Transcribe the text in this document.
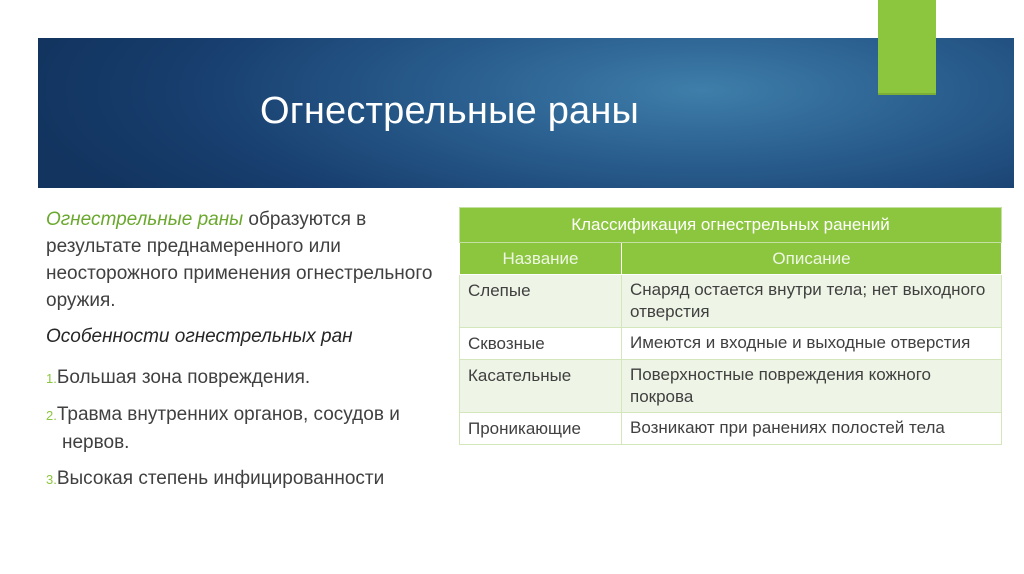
Огнестрельные раны

Огнестрельные раны образуются в результате преднамеренного или неосторожного применения огнестрельного оружия.

Особенности огнестрельных ран
1.Большая зона повреждения.
2.Травма внутренних органов, сосудов и нервов.
3.Высокая степень инфицированности
Классификация огнестрельных ранений	
Название	Описание
Слепые	Снаряд остается внутри тела; нет выходного отверстия
Сквозные	Имеются и входные и выходные отверстия
Касательные	Поверхностные повреждения кожного покрова
Проникающие	Возникают при ранениях полостей тела
